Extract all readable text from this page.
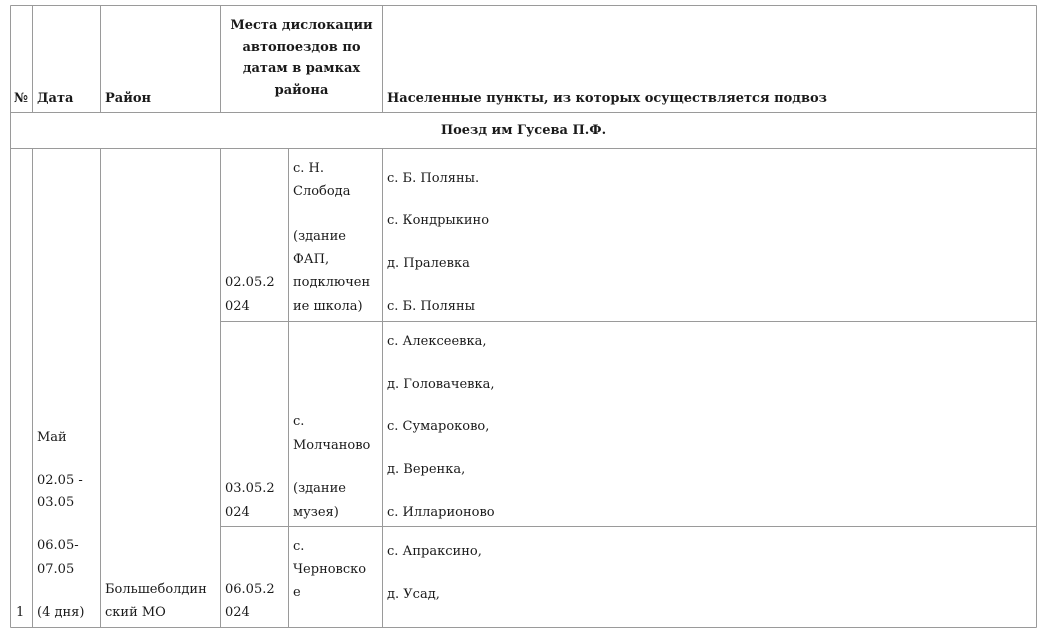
№ Дата Район
Места дислокации
автопоездов по
датам в рамках
района
Населенные пункты, из которых осуществляется подвоз
Поезд им Гусева П.Ф.
1
Май
02.05 -
03.05
06.05-
07.05
(4 дня)
Большеболдин
ский МО
02.05.2
024
с. Н.
Слобода
(здание
ФАП,
подключен
ие школа)
с. Б. Поляны.
с. Кондрыкино
д. Пралевка
с. Б. Поляны
03.05.2
024
с.
Молчаново
(здание
музея)
с. Алексеевка,
д. Головачевка,
с. Сумароково,
д. Веренка,
с. Илларионово
06.05.2
024
с.
Черновско
е
с. Апраксино,
д. Усад,
